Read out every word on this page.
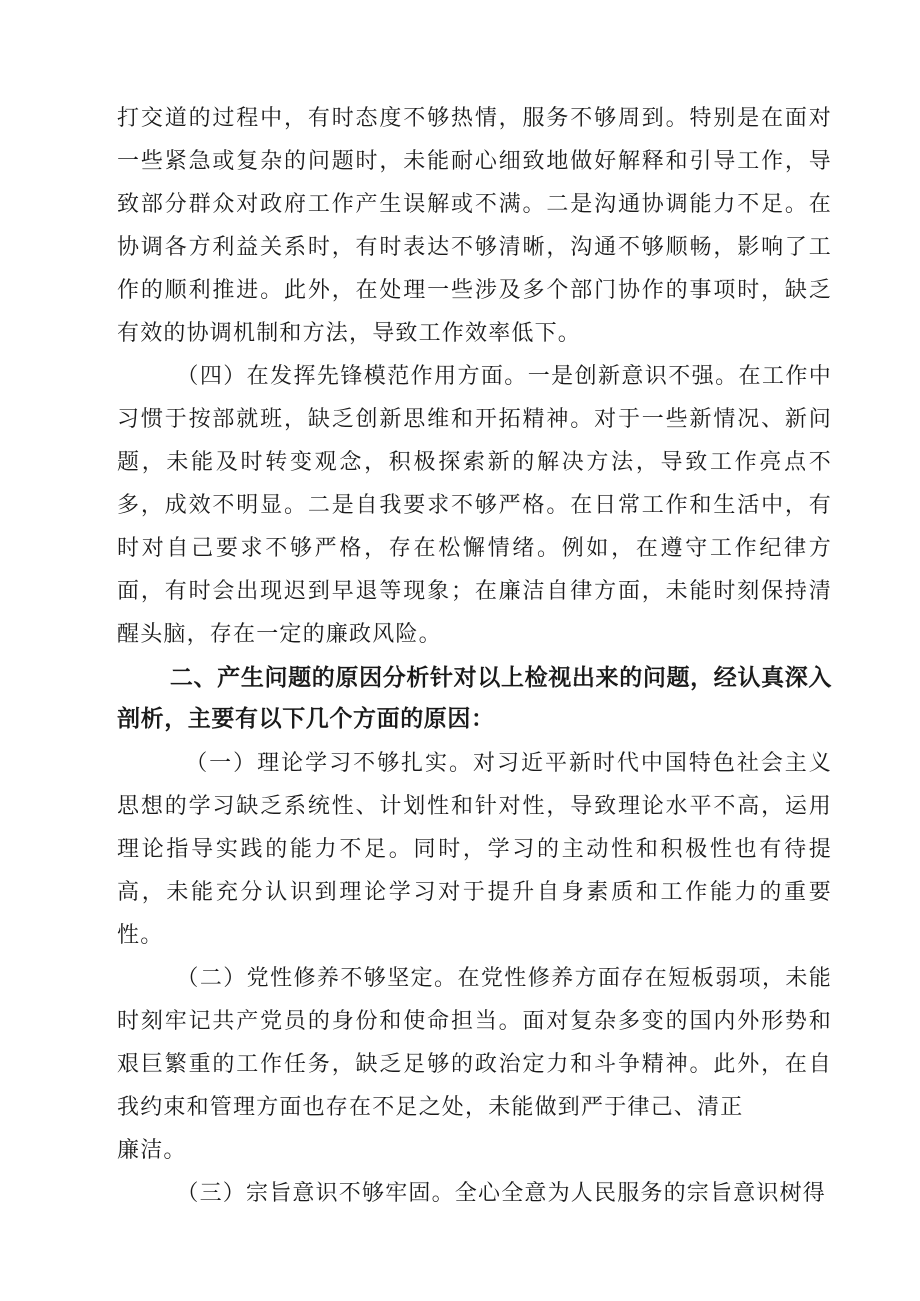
打交道的过程中，有时态度不够热情，服务不够周到。特别是在面对一些紧急或复杂的问题时，未能耐心细致地做好解释和引导工作，导致部分群众对政府工作产生误解或不满。二是沟通协调能力不足。在协调各方利益关系时，有时表达不够清晰，沟通不够顺畅，影响了工作的顺利推进。此外，在处理一些涉及多个部门协作的事项时，缺乏有效的协调机制和方法，导致工作效率低下。

（四）在发挥先锋模范作用方面。一是创新意识不强。在工作中习惯于按部就班，缺乏创新思维和开拓精神。对于一些新情况、新问题，未能及时转变观念，积极探索新的解决方法，导致工作亮点不多，成效不明显。二是自我要求不够严格。在日常工作和生活中，有时对自己要求不够严格，存在松懈情绪。例如，在遵守工作纪律方面，有时会出现迟到早退等现象；在廉洁自律方面，未能时刻保持清醒头脑，存在一定的廉政风险。

二、产生问题的原因分析针对以上检视出来的问题，经认真深入剖析，主要有以下几个方面的原因：

（一）理论学习不够扎实。对习近平新时代中国特色社会主义思想的学习缺乏系统性、计划性和针对性，导致理论水平不高，运用理论指导实践的能力不足。同时，学习的主动性和积极性也有待提高，未能充分认识到理论学习对于提升自身素质和工作能力的重要性。

（二）党性修养不够坚定。在党性修养方面存在短板弱项，未能时刻牢记共产党员的身份和使命担当。面对复杂多变的国内外形势和艰巨繁重的工作任务，缺乏足够的政治定力和斗争精神。此外，在自我约束和管理方面也存在不足之处，未能做到严于律己、清正

廉洁。

（三）宗旨意识不够牢固。全心全意为人民服务的宗旨意识树得
